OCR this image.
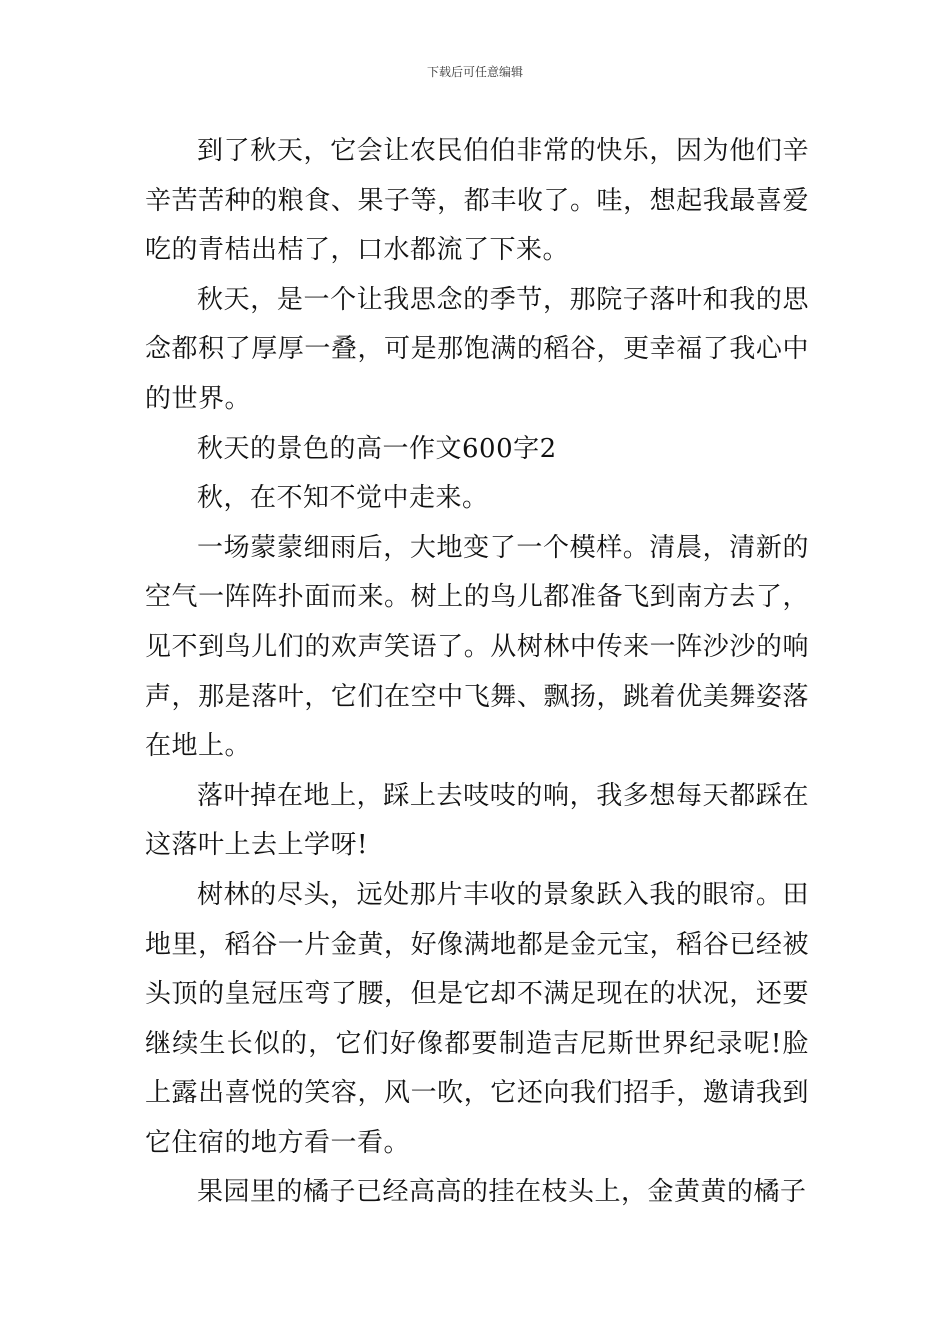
下载后可任意编辑

到了秋天，它会让农民伯伯非常的快乐，因为他们辛辛苦苦种的粮食、果子等，都丰收了。哇，想起我最喜爱吃的青桔出桔了，口水都流了下来。

秋天，是一个让我思念的季节，那院子落叶和我的思念都积了厚厚一叠，可是那饱满的稻谷，更幸福了我心中的世界。

秋天的景色的高一作文600字2

秋，在不知不觉中走来。

一场蒙蒙细雨后，大地变了一个模样。清晨，清新的空气一阵阵扑面而来。树上的鸟儿都准备飞到南方去了，见不到鸟儿们的欢声笑语了。从树林中传来一阵沙沙的响声，那是落叶，它们在空中飞舞、飘扬，跳着优美舞姿落在地上。

落叶掉在地上，踩上去吱吱的响，我多想每天都踩在这落叶上去上学呀!

树林的尽头，远处那片丰收的景象跃入我的眼帘。田地里，稻谷一片金黄，好像满地都是金元宝，稻谷已经被头顶的皇冠压弯了腰，但是它却不满足现在的状况，还要继续生长似的，它们好像都要制造吉尼斯世界纪录呢!脸上露出喜悦的笑容，风一吹，它还向我们招手，邀请我到它住宿的地方看一看。

果园里的橘子已经高高的挂在枝头上，金黄黄的橘子
